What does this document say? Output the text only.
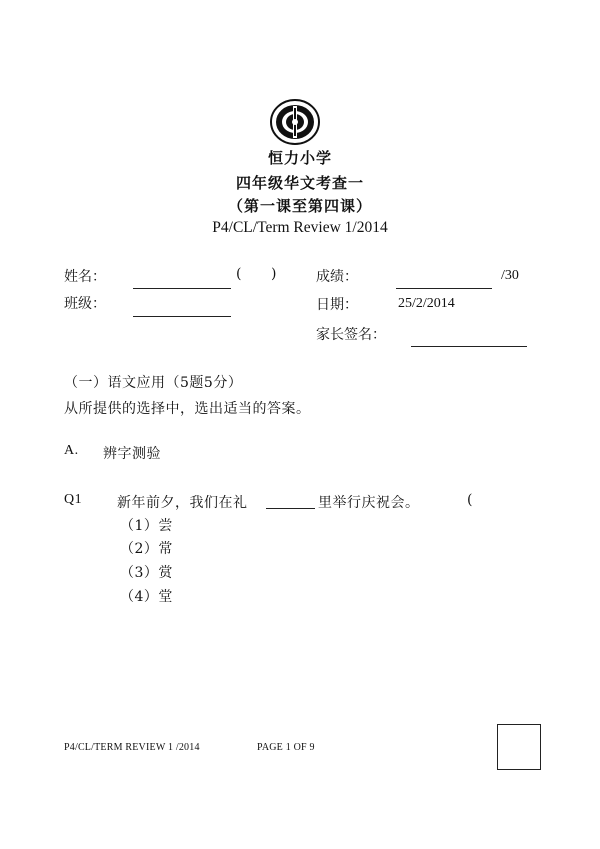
恒力小学
四年级华文考查一
（第一课至第四课）
P4/CL/Term Review 1/2014
姓名：	( )
班级：
成绩：	/30
日期：	25/2/2014
家长签名：
（一）语文应用（5题5分）
从所提供的选择中，选出适当的答案。
A. 辨字测验
Q1 新年前夕，我们在礼	里举行庆祝会。	(
（1）尝
（2）常
（3）赏
（4）堂
P4/CL/TERM REVIEW 1 /2014	PAGE 1 OF 9
